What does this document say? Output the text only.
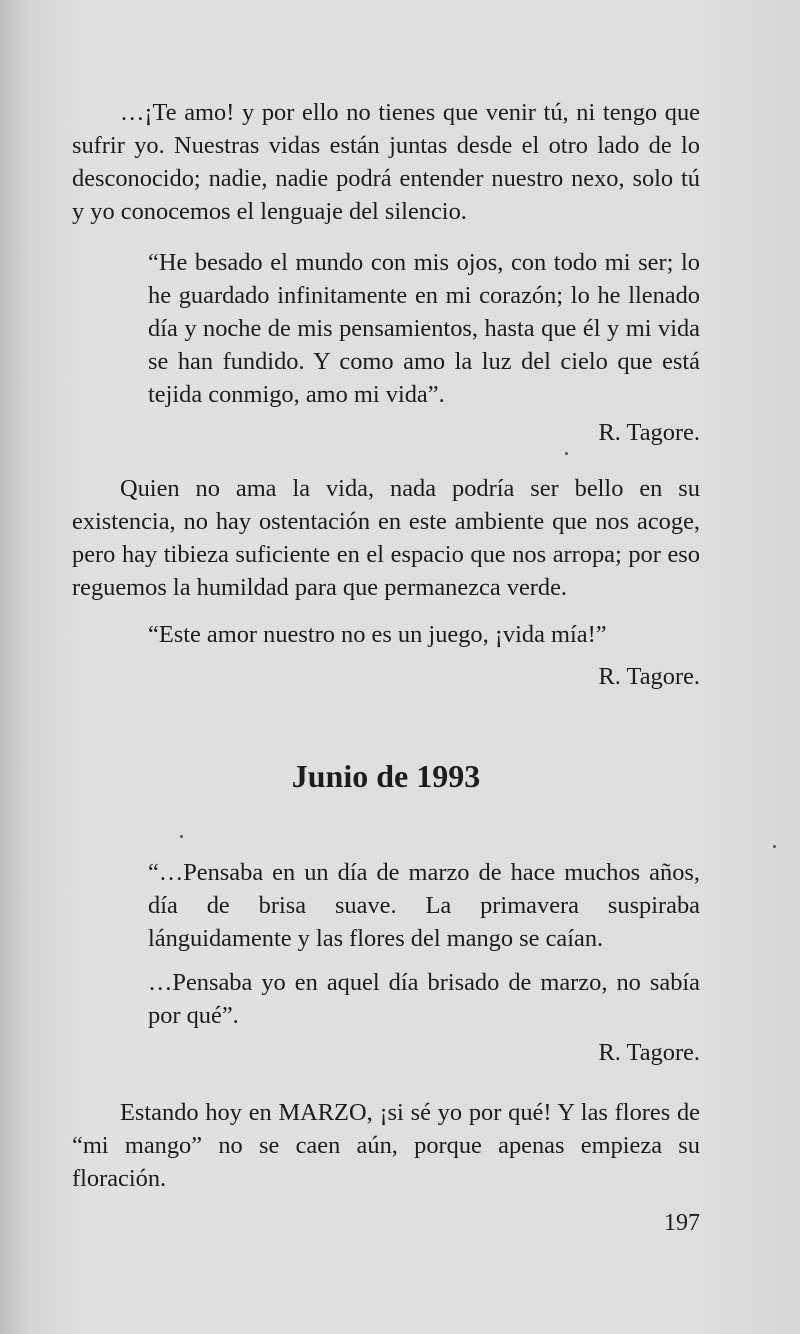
…¡Te amo! y por ello no tienes que venir tú, ni tengo que sufrir yo. Nuestras vidas están juntas desde el otro lado de lo desconocido; nadie, nadie podrá entender nuestro nexo, solo tú y yo conocemos el lenguaje del silencio.

“He besado el mundo con mis ojos, con todo mi ser; lo he guardado infinitamente en mi corazón; lo he llenado día y noche de mis pensamientos, hasta que él y mi vida se han fundido. Y como amo la luz del cielo que está tejida conmigo, amo mi vida”.

R. Tagore.

Quien no ama la vida, nada podría ser bello en su existencia, no hay ostentación en este ambiente que nos acoge, pero hay tibieza suficiente en el espacio que nos arropa; por eso reguemos la humildad para que permanezca verde.

“Este amor nuestro no es un juego, ¡vida mía!”

R. Tagore.

Junio de 1993

“…Pensaba en un día de marzo de hace muchos años, día de brisa suave. La primavera suspiraba lánguidamente y las flores del mango se caían.

…Pensaba yo en aquel día brisado de marzo, no sabía por qué”.

R. Tagore.

Estando hoy en MARZO, ¡si sé yo por qué! Y las flores de “mi mango” no se caen aún, porque apenas empieza su floración.

197
